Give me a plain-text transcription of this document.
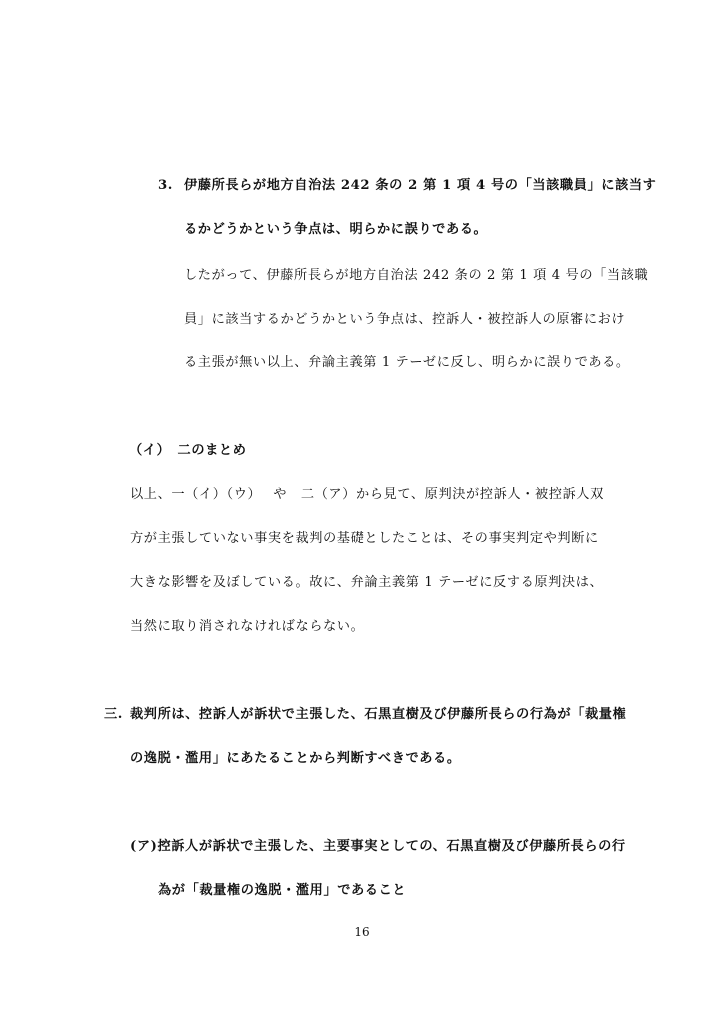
3. 伊藤所長らが地方自治法 242 条の 2 第 1 項 4 号の「当該職員」に該当す
るかどうかという争点は、明らかに誤りである。
したがって、伊藤所長らが地方自治法 242 条の 2 第 1 項 4 号の「当該職
員」に該当するかどうかという争点は、控訴人・被控訴人の原審におけ
る主張が無い以上、弁論主義第 1 テーゼに反し、明らかに誤りである。
（イ）　二のまとめ
以上、一（イ）（ウ）　 や　二（ア）から見て、原判決が控訴人・被控訴人双
方が主張していない事実を裁判の基礎としたことは、その事実判定や判断に
大きな影響を及ぼしている。故に、弁論主義第 1 テーゼに反する原判決は、
当然に取り消されなければならない。
三. 裁判所は、控訴人が訴状で主張した、石黒直樹及び伊藤所長らの行為が「裁量権
の逸脱・濫用」にあたることから判断すべきである。
(ア)控訴人が訴状で主張した、主要事実としての、石黒直樹及び伊藤所長らの行
為が「裁量権の逸脱・濫用」であること
16
